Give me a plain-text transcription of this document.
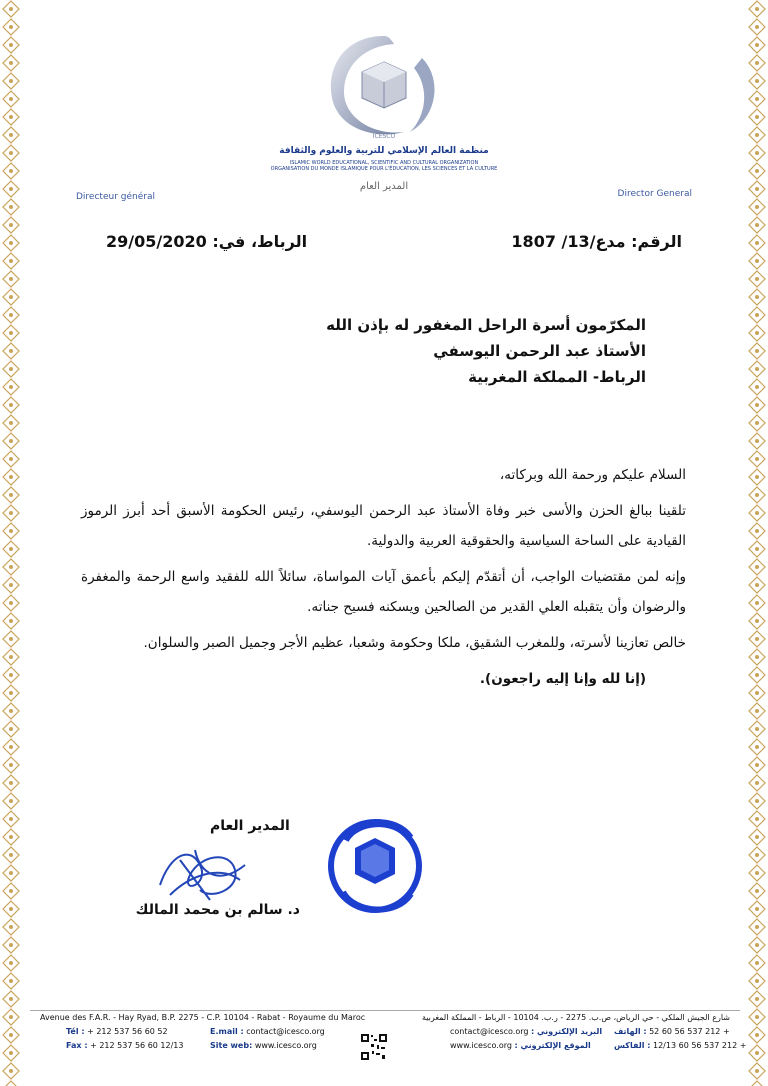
ICESCO
منظمة العالم الإسلامي للتربية والعلوم والثقافة
ISLAMIC WORLD EDUCATIONAL, SCIENTIFIC AND CULTURAL ORGANIZATION
ORGANISATION DU MONDE ISLAMIQUE POUR L'ÉDUCATION, LES SCIENCES ET LA CULTURE
Directeur général
المدير العام
Director General
الرقم: مدع/13/ 1807
الرباط، في: 29/05/2020
المكرّمون أسرة الراحل المغفور له بإذن الله
الأستاذ عبد الرحمن اليوسفي
الرباط- المملكة المغربية

السلام عليكم ورحمة الله وبركاته،

تلقينا ببالغ الحزن والأسى خبر وفاة الأستاذ عبد الرحمن اليوسفي، رئيس الحكومة الأسبق أحد أبرز الرموز القيادية على الساحة السياسية والحقوقية العربية والدولية.

وإنه لمن مقتضيات الواجب، أن أتقدّم إليكم بأعمق آيات المواساة، سائلاً الله للفقيد واسع الرحمة والمغفرة والرضوان وأن يتقبله العلي القدير من الصالحين ويسكنه فسيح جناته.

خالص تعازينا لأسرته، وللمغرب الشقيق، ملكا وحكومة وشعبا، عظيم الأجر وجميل الصبر والسلوان.

(إنا لله وإنا إليه راجعون).

المدير العام
د. سالم بن محمد المالك
Avenue des F.A.R. - Hay Ryad, B.P. 2275 - C.P. 10104 - Rabat - Royaume du Maroc	شارع الجيش الملكي - حي الرياض، ص.ب. 2275 - ر.ب. 10104 - الرباط - المملكة المغربية
Tél : + 212 537 56 60 52
Fax : + 212 537 56 60 12/13
E.mail : contact@icesco.org
Site web: www.icesco.org
contact@icesco.org : البريد الإلكتروني
www.icesco.org : الموقع الإلكتروني
+ 212 537 56 60 52 : الهاتف
+ 212 537 56 60 12/13 : الفاكس
